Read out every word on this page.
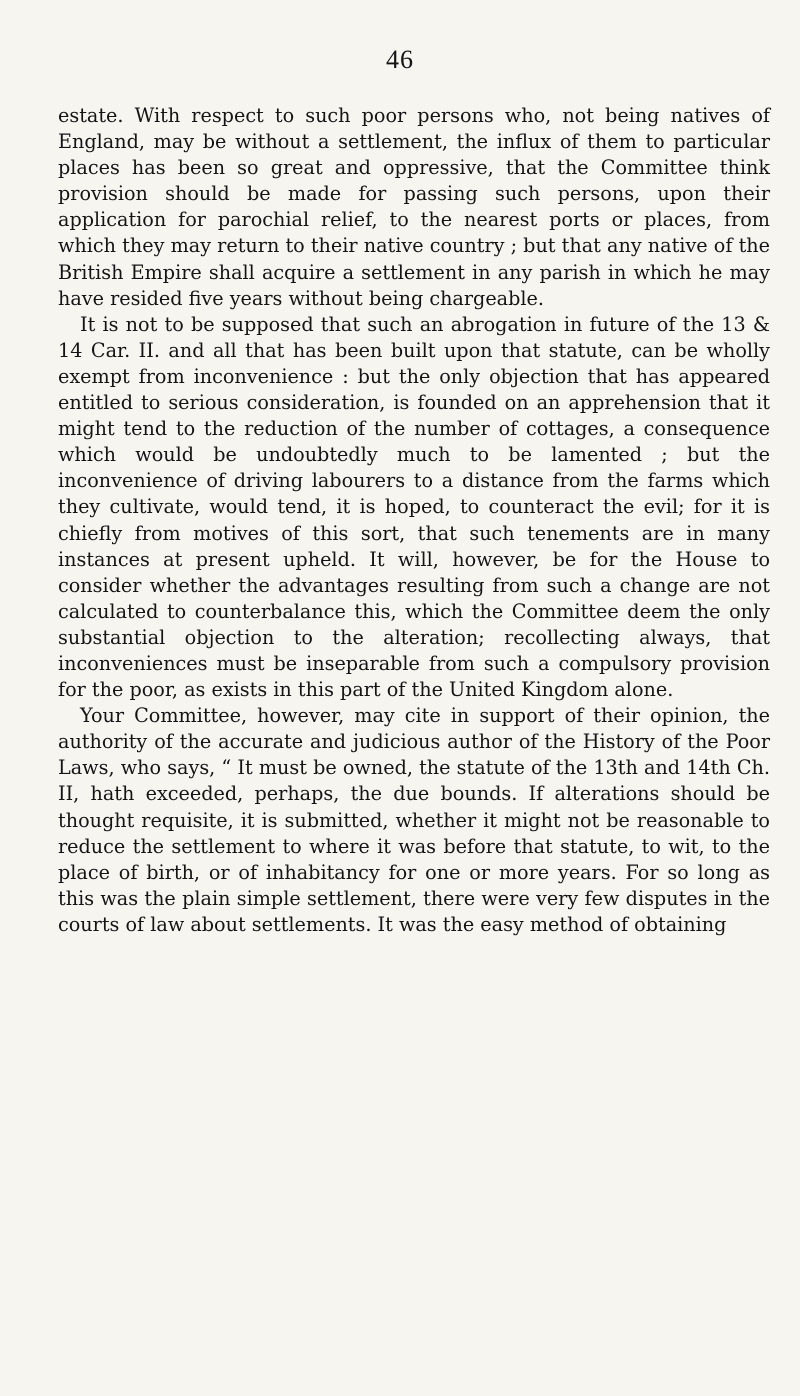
46

estate. With respect to such poor persons who, not being natives of England, may be without a settlement, the influx of them to particular places has been so great and oppressive, that the Committee think provision should be made for passing such persons, upon their application for parochial relief, to the nearest ports or places, from which they may return to their native country ; but that any native of the British Empire shall acquire a settlement in any parish in which he may have resided five years without being chargeable.

It is not to be supposed that such an abrogation in future of the 13 & 14 Car. II. and all that has been built upon that statute, can be wholly exempt from inconvenience : but the only objection that has appeared entitled to serious consideration, is founded on an apprehension that it might tend to the reduction of the number of cottages, a consequence which would be undoubtedly much to be lamented ; but the inconvenience of driving labourers to a distance from the farms which they cultivate, would tend, it is hoped, to counteract the evil; for it is chiefly from motives of this sort, that such tenements are in many instances at present upheld. It will, however, be for the House to consider whether the advantages resulting from such a change are not calculated to counterbalance this, which the Committee deem the only substantial objection to the alteration; recollecting always, that inconveniences must be inseparable from such a compulsory provision for the poor, as exists in this part of the United Kingdom alone.

Your Committee, however, may cite in support of their opinion, the authority of the accurate and judicious author of the History of the Poor Laws, who says, “ It must be owned, the statute of the 13th and 14th Ch. II, hath exceeded, perhaps, the due bounds. If alterations should be thought requisite, it is submitted, whether it might not be reasonable to reduce the settlement to where it was before that statute, to wit, to the place of birth, or of inhabitancy for one or more years. For so long as this was the plain simple settlement, there were very few disputes in the courts of law about settlements. It was the easy method of obtaining
